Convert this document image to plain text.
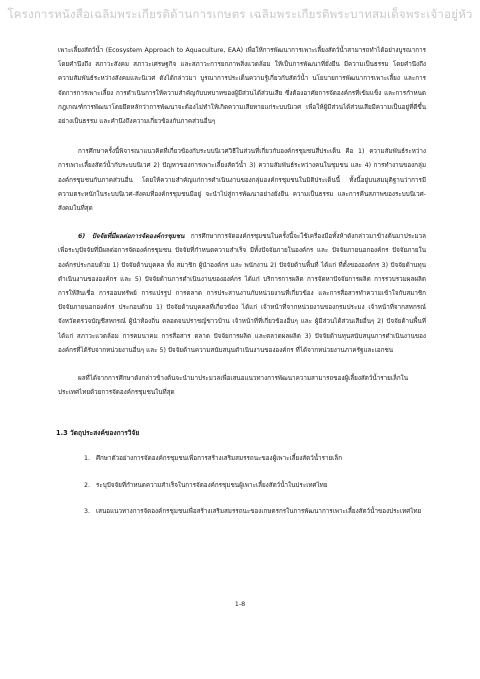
โครงการหนังสือเฉลิมพระเกียรติด้านการเกษตร เฉลิมพระเกียรติพระบาทสมเด็จพระเจ้าอยู่หัว

เพาะเลี้ยงสัตว์น้ำ (Ecosystem Approach to Aquaculture, EAA) เพื่อให้การพัฒนาการเพาะเลี้ยงสัตว์น้ำสามารถทำได้อย่างบูรณาการโดยคำนึงถึง สภาวะสังคม สภาวะเศรษฐกิจ และสภาวะการยกภาพสิ่งแวดล้อม ให้เป็นการพัฒนาที่ยั่งยืน มีความเป็นธรรม โดยคำนึงถึงความสัมพันธ์ระหว่างสังคมและนิเวศ ดังได้กล่าวมา บูรณาการประเด็นความรู้เกี่ยวกับสัตว์น้ำ นโยบายการพัฒนาการเพาะเลี้ยง และการจัดการการเพาะเลี้ยง การดำเนินการให้ความสำคัญกับบทบาทของผู้มีส่วนได้ส่วนเสีย ซึ่งต้องอาศัยการจัดองค์กรที่เข้มแข็ง และการกำหนดกฎเกณฑ์การพัฒนาโดยยึดหลักว่าการพัฒนาจะต้องไม่ทำให้เกิดความเสียหายแก่ระบบนิเวศ เพื่อให้ผู้มีส่วนได้ส่วนเสียมีความเป็นอยู่ที่ดีขึ้นอย่างเป็นธรรม และคำนึงถึงความเกี่ยวข้องกับภาคส่วนอื่นๆ

การศึกษาครั้งนี้พิจารณาแนวคิดที่เกี่ยวข้องกับระบบนิเวศวิธีในส่วนที่เกี่ยวกับองค์กรชุมชนสี่ประเด็น คือ 1) ความสัมพันธ์ระหว่างการเพาะเลี้ยงสัตว์น้ำกับระบบนิเวศ 2) ปัญหาของการเพาะเลี้ยงสัตว์น้ำ 3) ความสัมพันธ์ระหว่างคนในชุมชน และ 4) การทำงานของกลุ่มองค์กรชุมชนกับภาคส่วนอื่น โดยให้ความสำคัญแก่การดำเนินงานของกลุ่มองค์กรชุมชนในมิติประเด็นนี้ ทั้งนี้อยู่บนสมมุติฐานว่าการมีความตระหนักในระบบนิเวศ-สังคมที่องค์กรชุมชนมีอยู่ จะนำไปสู่การพัฒนาอย่างยั่งยืน ความเป็นธรรม และการคืนสภาพของระบบนิเวศ-สังคมในที่สุด

6) ปัจจัยที่มีผลต่อการจัดองค์กรชุมชน การศึกษาการจัดองค์กรชุมชนในครั้งนี้จะใช้เครื่องมือทั้งห้าดังกล่าวมาข้างต้นมาประมวลเพื่อระบุปัจจัยที่มีผลต่อการจัดองค์กรชุมชน ปัจจัยที่กำหนดความสำเร็จ มีทั้งปัจจัยภายในองค์กร และ ปัจจัยภายนอกองค์กร ปัจจัยภายในองค์กรประกอบด้วย 1) ปัจจัยด้านบุคคล ทั้ง สมาชิก ผู้นำองค์กร และ พนักงาน 2) ปัจจัยด้านพื้นที่ ได้แก่ ที่ตั้งขององค์กร 3) ปัจจัยด้านทุนดำเนินงานขององค์กร และ 5) ปัจจัยด้านการดำเนินงานขององค์กร ได้แก่ บริการการผลิต การจัดหาปัจจัยการผลิต การรวบรวมผลผลิต การให้สินเชื่อ การออมทรัพย์ การแปรรูป การตลาด การประสานงานกับหน่วยงานที่เกี่ยวข้อง และการสื่อสารทำความเข้าใจกับสมาชิก ปัจจัยภายนอกองค์กร ประกอบด้วย 1) ปัจจัยด้านบุคคลที่เกี่ยวข้อง ได้แก่ เจ้าหน้าที่จากหน่วยงานของกรมประมง เจ้าหน้าที่จากสหกรณ์จังหวัดตรวจบัญชีสหกรณ์ ผู้นำท้องถิ่น ตลอดจนปราชญ์ชาวบ้าน เจ้าหน้าที่ที่เกี่ยวข้องอื่นๆ และ ผู้มีส่วนได้ส่วนเสียอื่นๆ 2) ปัจจัยด้านพื้นที่ ได้แก่ สภาวะแวดล้อม การคมนาคม การสื่อสาร ตลาด ปัจจัยการผลิต และตลาดผลผลิต 3) ปัจจัยด้านทุนสนับสนุนการดำเนินงานขององค์กรที่ได้รับจากหน่วยงานอื่นๆ และ 5) ปัจจัยด้านความสนับสนุนดำเนินงานขององค์กร ที่ได้จากหน่วยงานภาครัฐและเอกชน

ผลที่ได้จากการศึกษาดังกล่าวข้างต้นจะนำมาประมวลเพื่อเสนอแนวทางการพัฒนาความสามารถของผู้เลี้ยงสัตว์น้ำรายเล็กในประเทศไทยด้วยการจัดองค์กรชุมชนในที่สุด

1.3 วัตถุประสงค์ของการวิจัย
1. ศึกษาตัวอย่างการจัดองค์กรชุมชนเพื่อการสร้างเสริมสมรรถนะของผู้เพาะเลี้ยงสัตว์น้ำรายเล็ก
2. ระบุปัจจัยที่กำหนดความสำเร็จในการจัดองค์กรชุมชนผู้เพาะเลี้ยงสัตว์น้ำในประเทศไทย
3. เสนอแนวทางการจัดองค์กรชุมชนเพื่อสร้างเสริมสมรรถนะของเกษตรกรในการพัฒนาการเพาะเลี้ยงสัตว์น้ำของประเทศไทย
1-8
